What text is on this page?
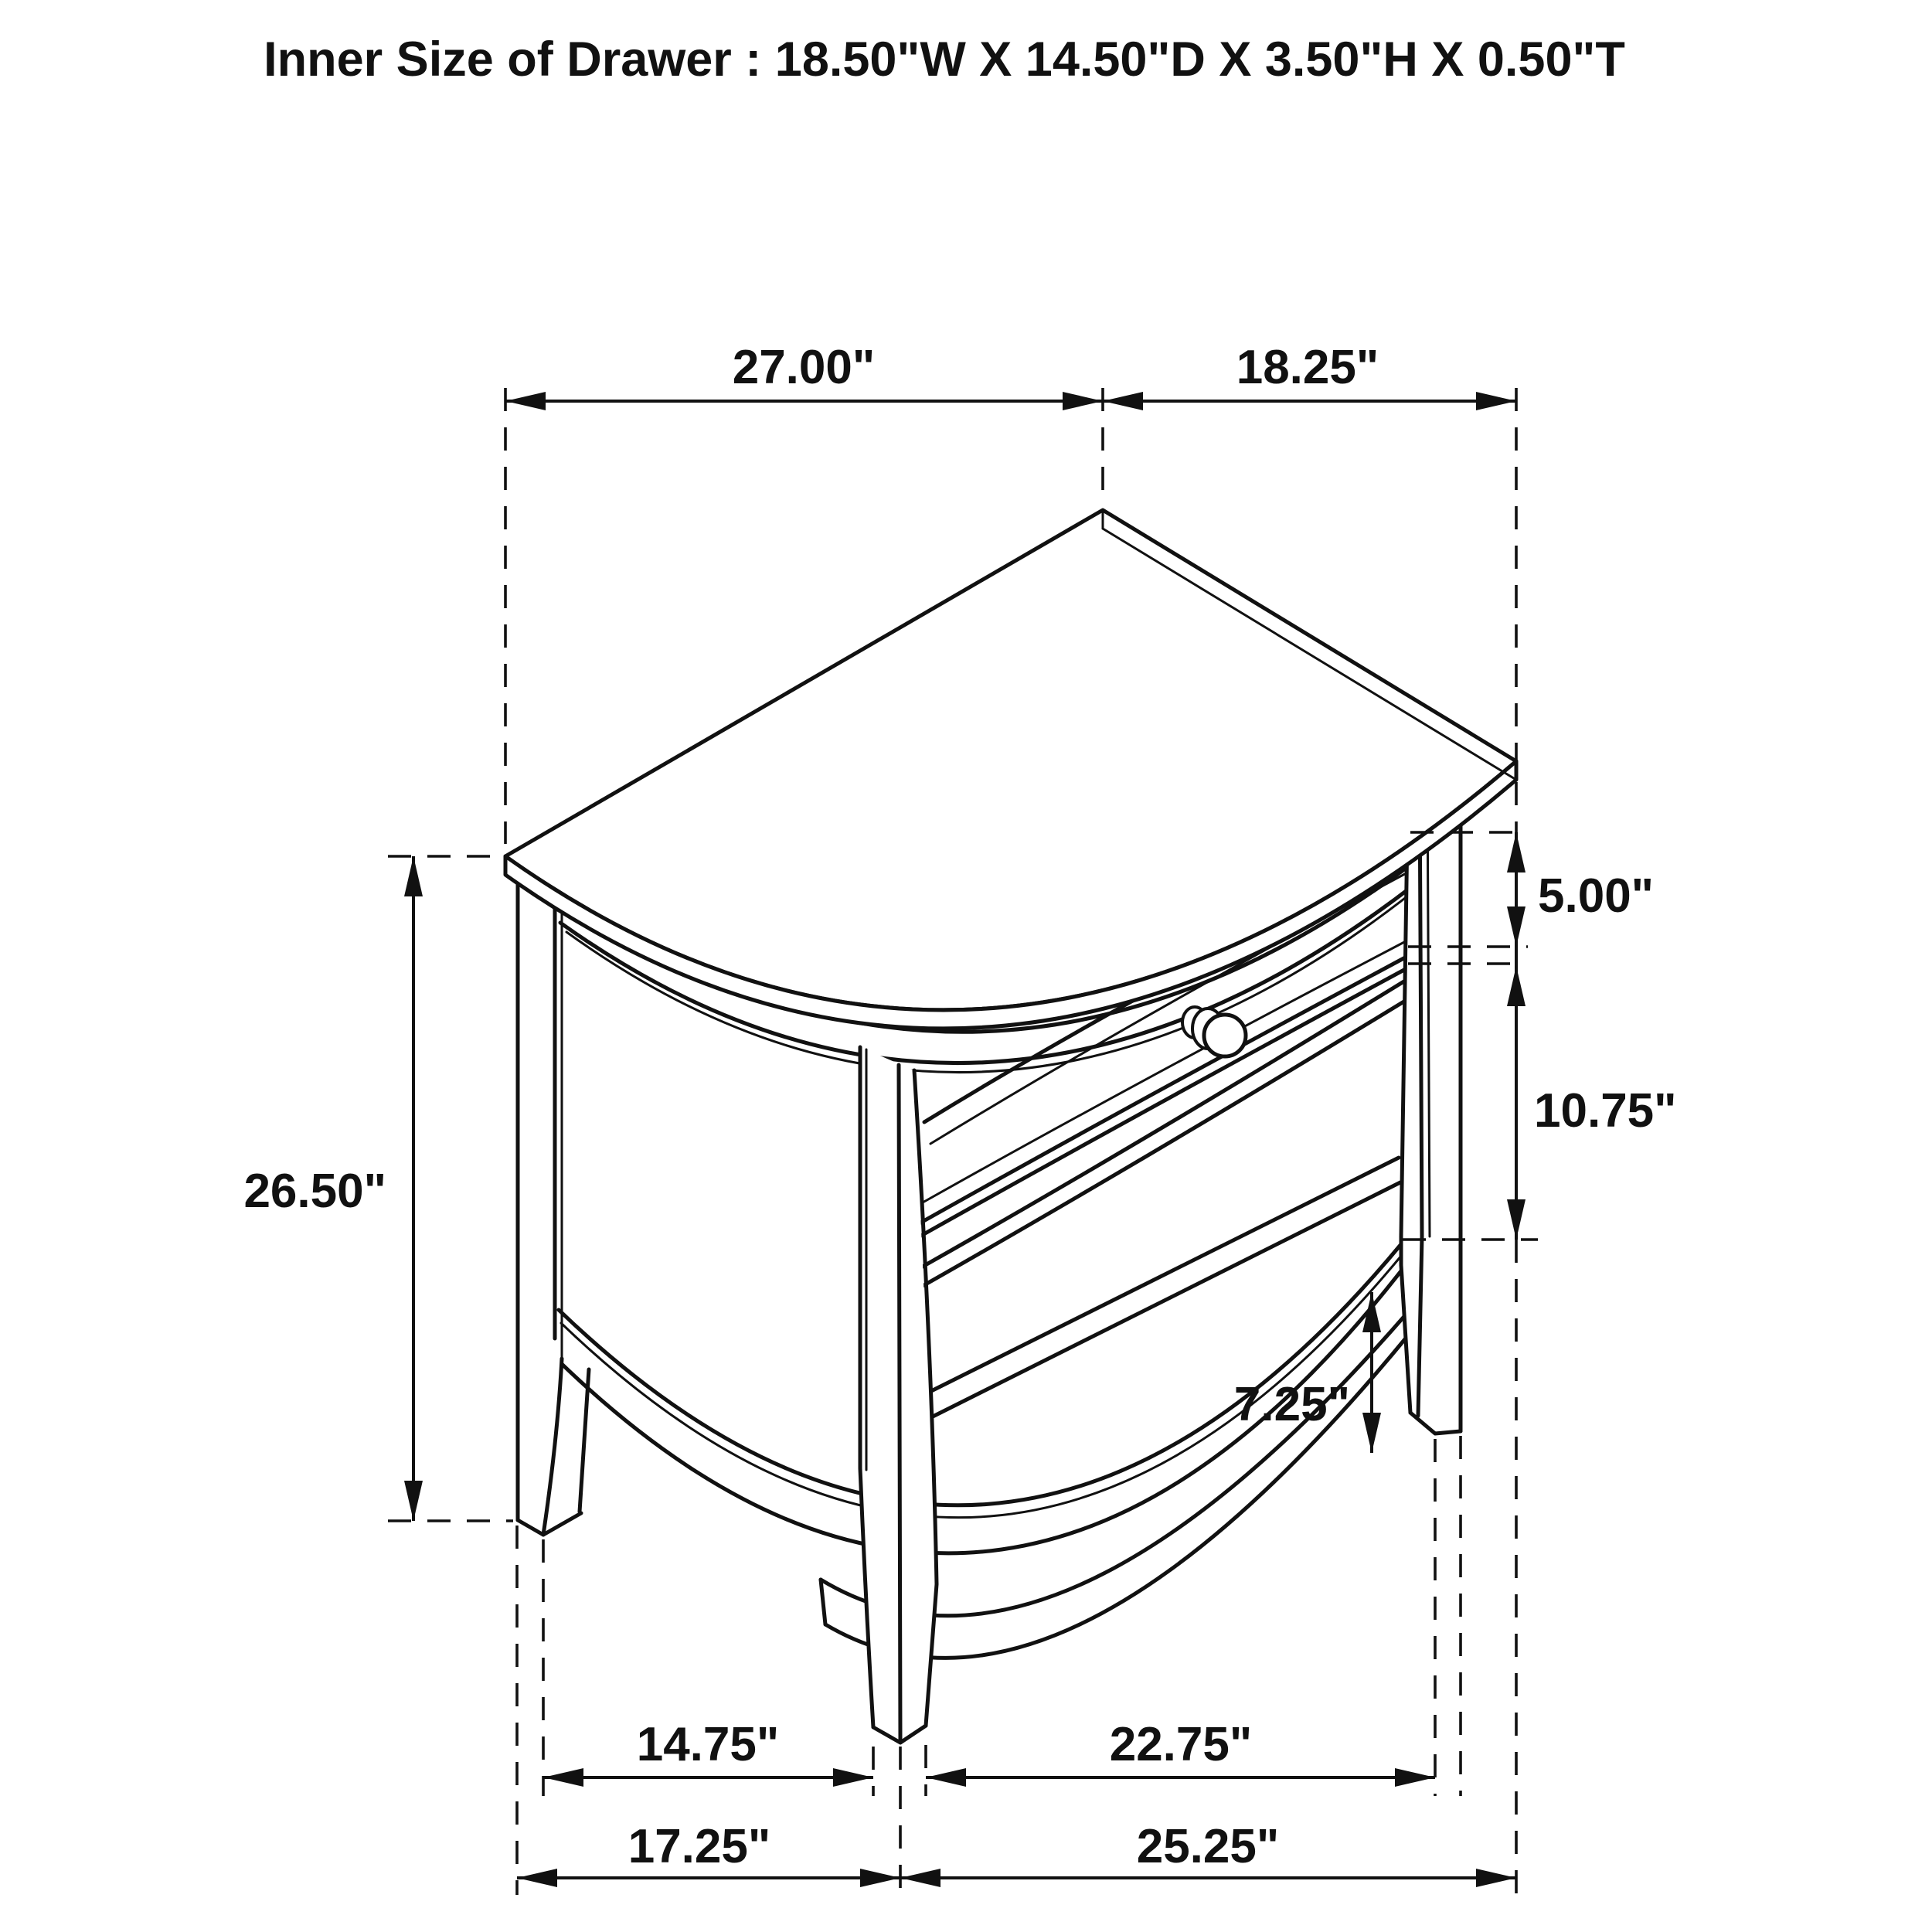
27.00"	18.25"
26.50"
5.00"
10.75"
7.25"
14.75"	22.75"
17.25"	25.25"
Inner Size of Drawer : 18.50"W X 14.50"D X 3.50"H X 0.50"T
